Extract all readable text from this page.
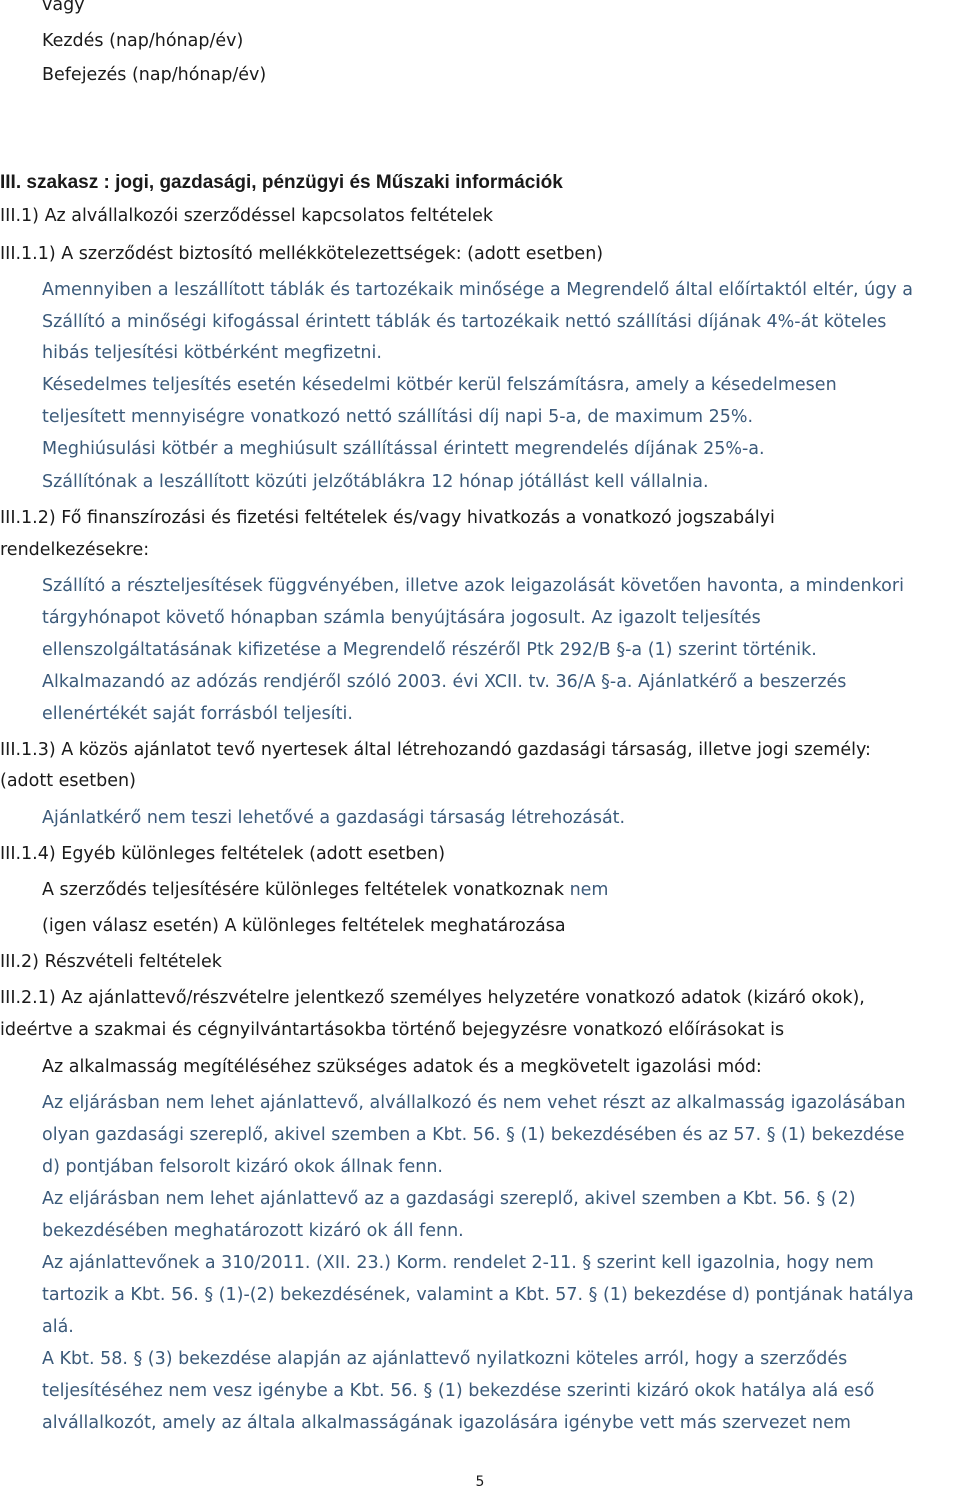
vagy
Kezdés (nap/hónap/év)
Befejezés (nap/hónap/év)
III. szakasz : jogi, gazdasági, pénzügyi és Műszaki információk
III.1) Az alvállalkozói szerződéssel kapcsolatos feltételek
III.1.1) A szerződést biztosító mellékkötelezettségek: (adott esetben)
Amennyiben a leszállított táblák és tartozékaik minősége a Megrendelő által előírtaktól eltér, úgy a
Szállító a minőségi kifogással érintett táblák és tartozékaik nettó szállítási díjának 4%-át köteles
hibás teljesítési kötbérként megfizetni.
Késedelmes teljesítés esetén késedelmi kötbér kerül felszámításra, amely a késedelmesen
teljesített mennyiségre vonatkozó nettó szállítási díj napi 5-a, de maximum 25%.
Meghiúsulási kötbér a meghiúsult szállítással érintett megrendelés díjának 25%-a.
Szállítónak a leszállított közúti jelzőtáblákra 12 hónap jótállást kell vállalnia.
III.1.2) Fő finanszírozási és fizetési feltételek és/vagy hivatkozás a vonatkozó jogszabályi
rendelkezésekre:
Szállító a részteljesítések függvényében, illetve azok leigazolását követően havonta, a mindenkori
tárgyhónapot követő hónapban számla benyújtására jogosult. Az igazolt teljesítés
ellenszolgáltatásának kifizetése a Megrendelő részéről Ptk 292/B §-a (1) szerint történik.
Alkalmazandó az adózás rendjéről szóló 2003. évi XCII. tv. 36/A §-a. Ajánlatkérő a beszerzés
ellenértékét saját forrásból teljesíti.
III.1.3) A közös ajánlatot tevő nyertesek által létrehozandó gazdasági társaság, illetve jogi személy:
(adott esetben)
Ajánlatkérő nem teszi lehetővé a gazdasági társaság létrehozását.
III.1.4) Egyéb különleges feltételek (adott esetben)
A szerződés teljesítésére különleges feltételek vonatkoznak nem
(igen válasz esetén) A különleges feltételek meghatározása
III.2) Részvételi feltételek
III.2.1) Az ajánlattevő/részvételre jelentkező személyes helyzetére vonatkozó adatok (kizáró okok),
ideértve a szakmai és cégnyilvántartásokba történő bejegyzésre vonatkozó előírásokat is
Az alkalmasság megítéléséhez szükséges adatok és a megkövetelt igazolási mód:
Az eljárásban nem lehet ajánlattevő, alvállalkozó és nem vehet részt az alkalmasság igazolásában
olyan gazdasági szereplő, akivel szemben a Kbt. 56. § (1) bekezdésében és az 57. § (1) bekezdése
d) pontjában felsorolt kizáró okok állnak fenn.
Az eljárásban nem lehet ajánlattevő az a gazdasági szereplő, akivel szemben a Kbt. 56. § (2)
bekezdésében meghatározott kizáró ok áll fenn.
Az ajánlattevőnek a 310/2011. (XII. 23.) Korm. rendelet 2-11. § szerint kell igazolnia, hogy nem
tartozik a Kbt. 56. § (1)-(2) bekezdésének, valamint a Kbt. 57. § (1) bekezdése d) pontjának hatálya
alá.
A Kbt. 58. § (3) bekezdése alapján az ajánlattevő nyilatkozni köteles arról, hogy a szerződés
teljesítéséhez nem vesz igénybe a Kbt. 56. § (1) bekezdése szerinti kizáró okok hatálya alá eső
alvállalkozót, amely az általa alkalmasságának igazolására igénybe vett más szervezet nem
5
